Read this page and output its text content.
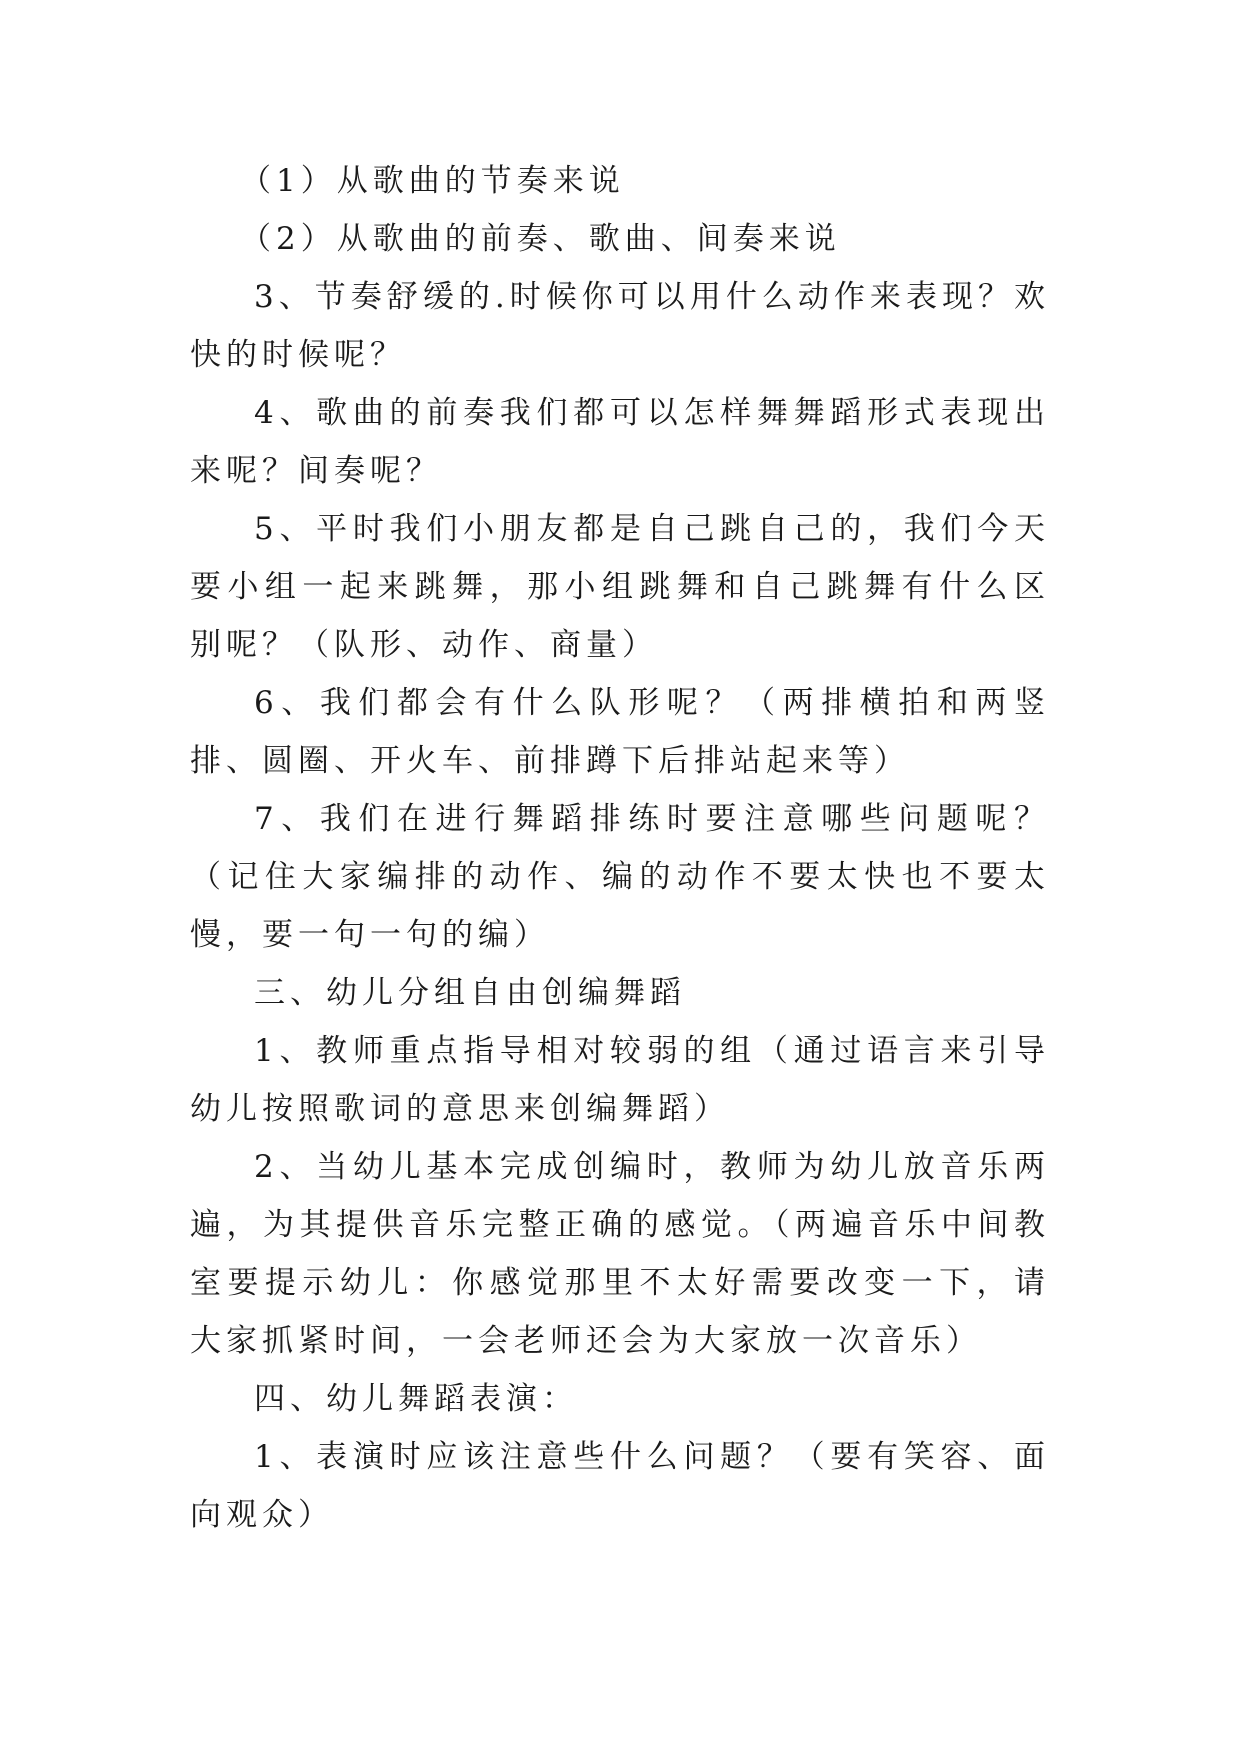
（1）从歌曲的节奏来说

（2）从歌曲的前奏、歌曲、间奏来说

3、节奏舒缓的.时候你可以用什么动作来表现？欢快的时候呢？

4、歌曲的前奏我们都可以怎样舞舞蹈形式表现出来呢？间奏呢？

5、平时我们小朋友都是自己跳自己的，我们今天要小组一起来跳舞，那小组跳舞和自己跳舞有什么区别呢？（队形、动作、商量）

6、我们都会有什么队形呢？（两排横拍和两竖排、圆圈、开火车、前排蹲下后排站起来等）

7、我们在进行舞蹈排练时要注意哪些问题呢？（记住大家编排的动作、编的动作不要太快也不要太慢，要一句一句的编）

三、幼儿分组自由创编舞蹈

1、教师重点指导相对较弱的组（通过语言来引导幼儿按照歌词的意思来创编舞蹈）

2、当幼儿基本完成创编时，教师为幼儿放音乐两遍，为其提供音乐完整正确的感觉。（两遍音乐中间教室要提示幼儿：你感觉那里不太好需要改变一下，请大家抓紧时间，一会老师还会为大家放一次音乐）

四、幼儿舞蹈表演：

1、表演时应该注意些什么问题？（要有笑容、面向观众）
